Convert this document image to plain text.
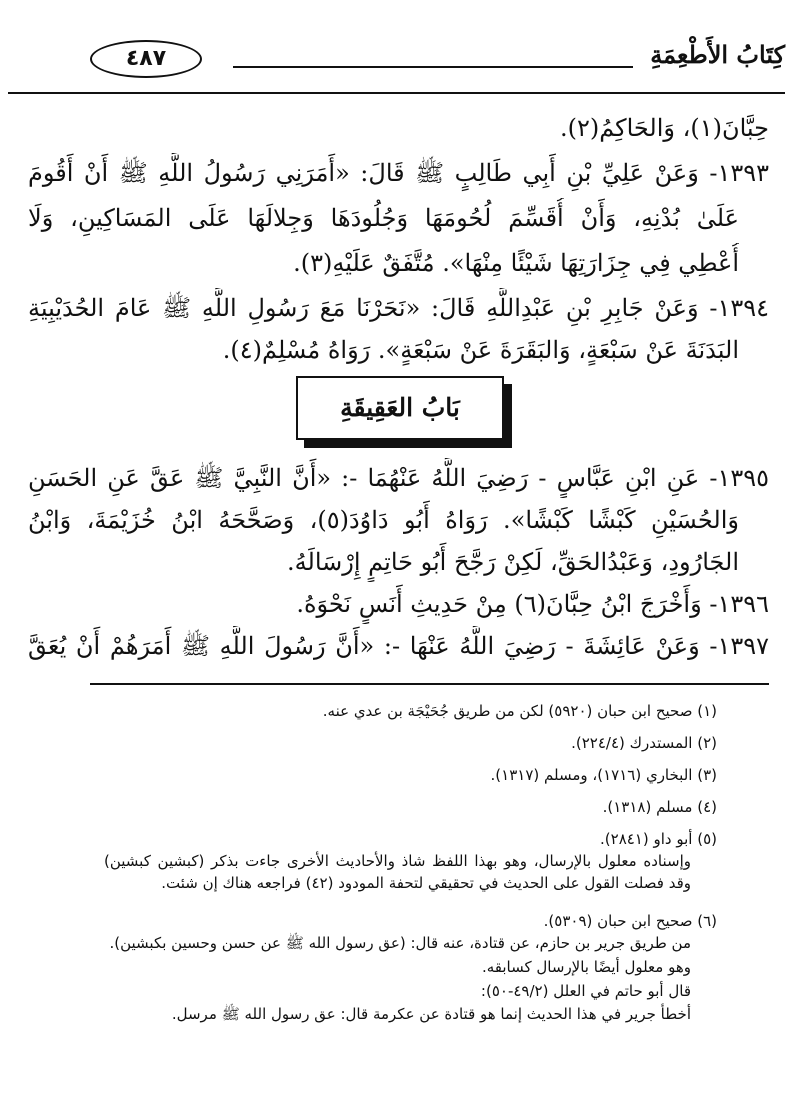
كِتَابُ الأَطْعِمَةِ
٤٨٧
حِبَّانَ(١)، وَالحَاكِمُ(٢).
١٣٩٣- وَعَنْ عَلِيِّ بْنِ أَبِي طَالِبٍ ﷺ قَالَ: «أَمَرَنِي رَسُولُ اللَّهِ ﷺ أَنْ أَقُومَ
عَلَىٰ بُدْنِهِ، وَأَنْ أُقَسِّمَ لُحُومَهَا وَجُلُودَهَا وَجِلالَهَا عَلَى المَسَاكِينِ، وَلَا
أُعْطِي فِي جِزَارَتِهَا شَيْئًا مِنْهَا». مُتَّفَقٌ عَلَيْهِ(٣).
١٣٩٤- وَعَنْ جَابِرِ بْنِ عَبْدِاللَّهِ قَالَ: «نَحَرْنَا مَعَ رَسُولِ اللَّهِ ﷺ عَامَ الحُدَيْبِيَةِ
البَدَنَةَ عَنْ سَبْعَةٍ، وَالبَقَرَةَ عَنْ سَبْعَةٍ». رَوَاهُ مُسْلِمٌ(٤).
بَابُ العَقِيقَةِ
١٣٩٥- عَنِ ابْنِ عَبَّاسٍ - رَضِيَ اللَّهُ عَنْهُمَا -: «أَنَّ النَّبِيَّ ﷺ عَقَّ عَنِ الحَسَنِ
وَالحُسَيْنِ كَبْشًا كَبْشًا». رَوَاهُ أَبُو دَاوُدَ(٥)، وَصَحَّحَهُ ابْنُ خُزَيْمَةَ، وَابْنُ
الجَارُودِ، وَعَبْدُالحَقِّ، لَكِنْ رَجَّحَ أَبُو حَاتِمٍ إِرْسَالَهُ.
١٣٩٦- وَأَخْرَجَ ابْنُ حِبَّانَ(٦) مِنْ حَدِيثِ أَنَسٍ نَحْوَهُ.
١٣٩٧- وَعَنْ عَائِشَةَ - رَضِيَ اللَّهُ عَنْهَا -: «أَنَّ رَسُولَ اللَّهِ ﷺ أَمَرَهُمْ أَنْ يُعَقَّ
(١) صحيح ابن حبان (٥٩٢٠) لكن من طريق جُحَيْجَة بن عدي عنه.
(٢) المستدرك (٢٢٤/٤).
(٣) البخاري (١٧١٦)، ومسلم (١٣١٧).
(٤) مسلم (١٣١٨).
(٥) أبو داو (٢٨٤١).
وإسناده معلول بالإرسال، وهو بهذا اللفظ شاذ والأحاديث الأخرى جاءت بذكر (كبشين كبشين)
وقد فصلت القول على الحديث في تحقيقي لتحفة المودود (٤٢) فراجعه هناك إن شئت.
(٦) صحيح ابن حبان (٥٣٠٩).
من طريق جرير بن حازم، عن قتادة، عنه قال: (عق رسول الله ﷺ عن حسن وحسين بكبشين).
وهو معلول أيضًا بالإرسال كسابقه.
قال أبو حاتم في العلل (٤٩/٢-٥٠):
أخطأ جرير في هذا الحديث إنما هو قتادة عن عكرمة قال: عق رسول الله ﷺ مرسل.
